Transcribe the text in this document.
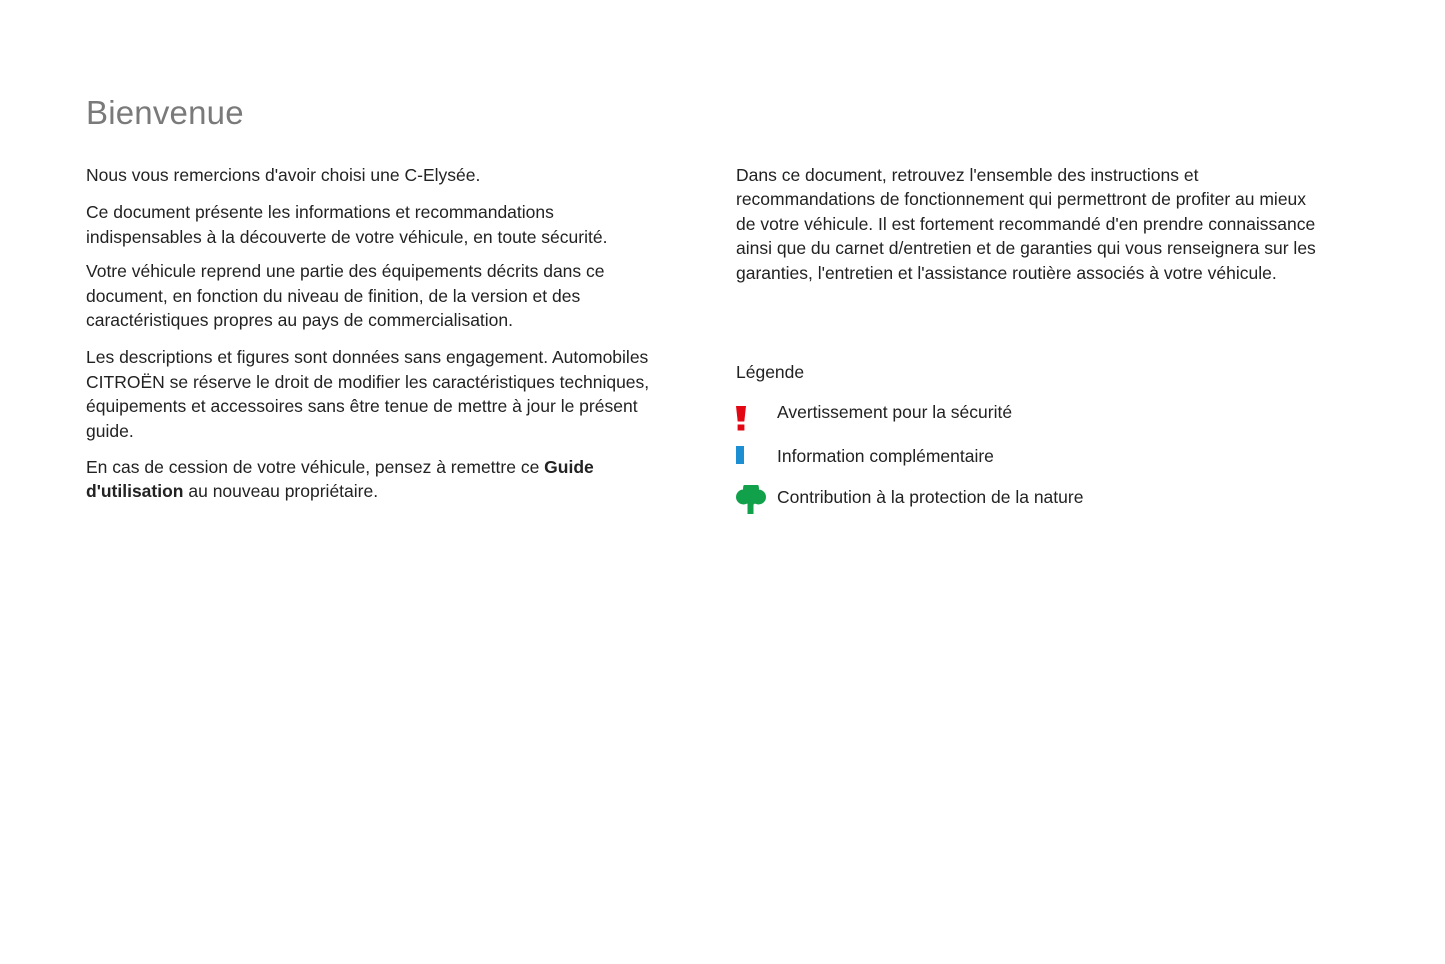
Bienvenue

Nous vous remercions d'avoir choisi une C-Elysée.

Ce document présente les informations et recommandations indispensables à la découverte de votre véhicule, en toute sécurité.

Votre véhicule reprend une partie des équipements décrits dans ce document, en fonction du niveau de finition, de la version et des caractéristiques propres au pays de commercialisation.

Les descriptions et figures sont données sans engagement. Automobiles CITROËN se réserve le droit de modifier les caractéristiques techniques, équipements et accessoires sans être tenue de mettre à jour le présent guide.

En cas de cession de votre véhicule, pensez à remettre ce Guide d'utilisation au nouveau propriétaire.

Dans ce document, retrouvez l'ensemble des instructions et recommandations de fonctionnement qui permettront de profiter au mieux de votre véhicule. Il est fortement recommandé d'en prendre connaissance ainsi que du carnet d/entretien et de garanties qui vous renseignera sur les garanties, l'entretien et l'assistance routière associés à votre véhicule.

Légende

Avertissement pour la sécurité
Information complémentaire
Contribution à la protection de la nature
